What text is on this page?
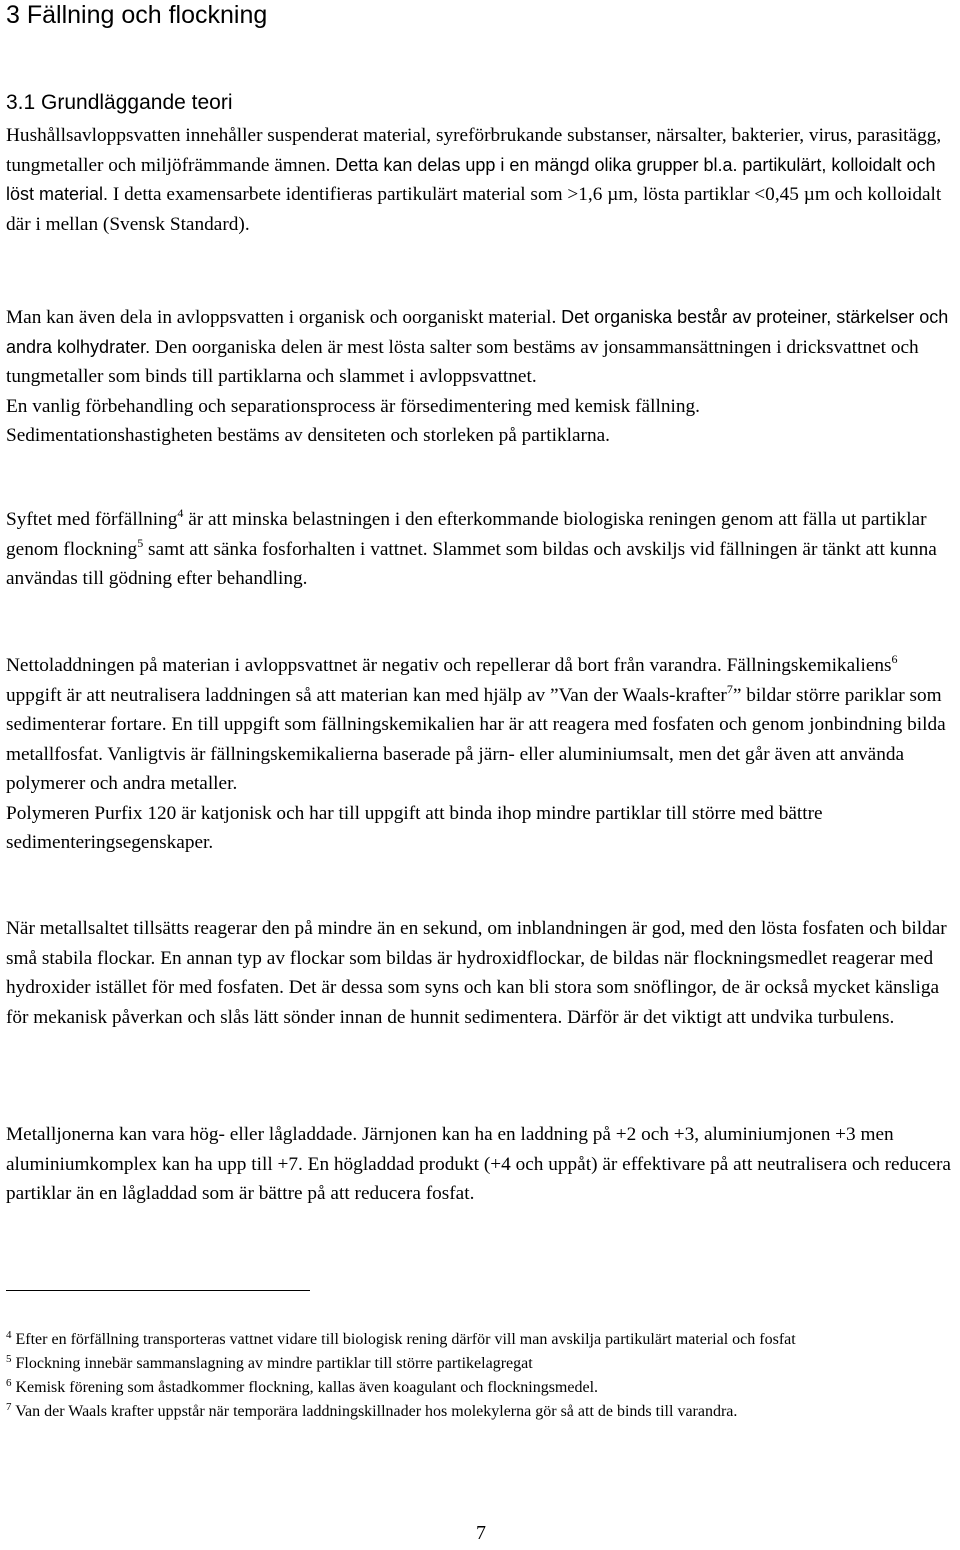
3 Fällning och flockning
3.1 Grundläggande teori

Hushållsavloppsvatten innehåller suspenderat material, syreförbrukande substanser, närsalter, bakterier, virus, parasitägg, tungmetaller och miljöfrämmande ämnen. Detta kan delas upp i en mängd olika grupper bl.a. partikulärt, kolloidalt och löst material. I detta examensarbete identifieras partikulärt material som >1,6 µm, lösta partiklar <0,45 µm och kolloidalt där i mellan (Svensk Standard).

Man kan även dela in avloppsvatten i organisk och oorganiskt material. Det organiska består av proteiner, stärkelser och andra kolhydrater. Den oorganiska delen är mest lösta salter som bestäms av jonsammansättningen i dricksvattnet och tungmetaller som binds till partiklarna och slammet i avloppsvattnet.

En vanlig förbehandling och separationsprocess är försedimentering med kemisk fällning.

Sedimentationshastigheten bestäms av densiteten och storleken på partiklarna.

Syftet med förfällning$^4$ är att minska belastningen i den efterkommande biologiska reningen genom att fälla ut partiklar genom flockning$^5$ samt att sänka fosforhalten i vattnet. Slammet som bildas och avskiljs vid fällningen är tänkt att kunna användas till gödning efter behandling.

Nettoladdningen på materian i avloppsvattnet är negativ och repellerar då bort från varandra. Fällningskemikaliens$^6$ uppgift är att neutralisera laddningen så att materian kan med hjälp av ”Van der Waals-krafter$^7$” bildar större pariklar som sedimenterar fortare. En till uppgift som fällningskemikalien har är att reagera med fosfaten och genom jonbindning bilda metallfosfat. Vanligtvis är fällningskemikalierna baserade på järn- eller aluminiumsalt, men det går även att använda polymerer och andra metaller.

Polymeren Purfix 120 är katjonisk och har till uppgift att binda ihop mindre partiklar till större med bättre sedimenteringsegenskaper.

När metallsaltet tillsätts reagerar den på mindre än en sekund, om inblandningen är god, med den lösta fosfaten och bildar små stabila flockar. En annan typ av flockar som bildas är hydroxidflockar, de bildas när flockningsmedlet reagerar med hydroxider istället för med fosfaten. Det är dessa som syns och kan bli stora som snöflingor, de är också mycket känsliga för mekanisk påverkan och slås lätt sönder innan de hunnit sedimentera. Därför är det viktigt att undvika turbulens.

Metalljonerna kan vara hög- eller lågladdade. Järnjonen kan ha en laddning på +2 och +3, aluminiumjonen +3 men aluminiumkomplex kan ha upp till +7. En högladdad produkt (+4 och uppåt) är effektivare på att neutralisera och reducera partiklar än en lågladdad som är bättre på att reducera fosfat.

$^4$ Efter en förfällning transporteras vattnet vidare till biologisk rening därför vill man avskilja partikulärt material och fosfat

$^5$ Flockning innebär sammanslagning av mindre partiklar till större partikelagregat

$^6$ Kemisk förening som åstadkommer flockning, kallas även koagulant och flockningsmedel.

$^7$ Van der Waals krafter uppstår när temporära laddningskillnader hos molekylerna gör så att de binds till varandra.

7
